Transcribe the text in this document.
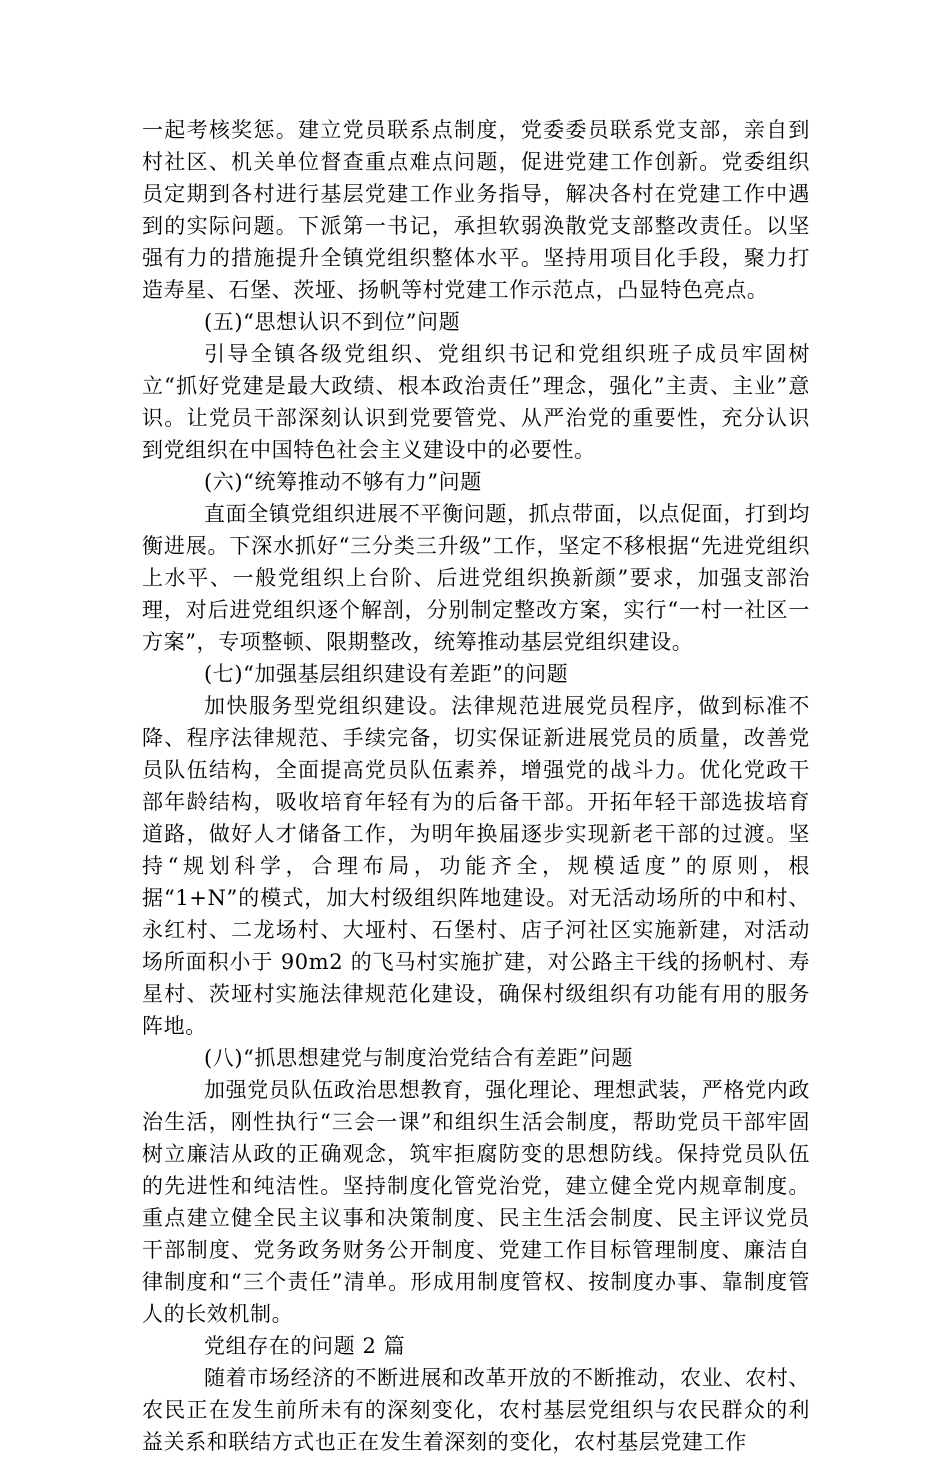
一起考核奖惩。建立党员联系点制度，党委委员联系党支部，亲自到村社区、机关单位督查重点难点问题，促进党建工作创新。党委组织员定期到各村进行基层党建工作业务指导，解决各村在党建工作中遇到的实际问题。下派第一书记，承担软弱涣散党支部整改责任。以坚强有力的措施提升全镇党组织整体水平。坚持用项目化手段，聚力打造寿星、石堡、茨垭、扬帆等村党建工作示范点，凸显特色亮点。

(五)“思想认识不到位”问题

引导全镇各级党组织、党组织书记和党组织班子成员牢固树立“抓好党建是最大政绩、根本政治责任”理念，强化”主责、主业”意识。让党员干部深刻认识到党要管党、从严治党的重要性，充分认识到党组织在中国特色社会主义建设中的必要性。

(六)“统筹推动不够有力”问题

直面全镇党组织进展不平衡问题，抓点带面，以点促面，打到均衡进展。下深水抓好“三分类三升级”工作，坚定不移根据“先进党组织上水平、一般党组织上台阶、后进党组织换新颜”要求，加强支部治理，对后进党组织逐个解剖，分别制定整改方案，实行“一村一社区一方案”，专项整顿、限期整改，统筹推动基层党组织建设。

(七)“加强基层组织建设有差距”的问题

加快服务型党组织建设。法律规范进展党员程序，做到标准不降、程序法律规范、手续完备，切实保证新进展党员的质量，改善党员队伍结构，全面提高党员队伍素养，增强党的战斗力。优化党政干部年龄结构，吸收培育年轻有为的后备干部。开拓年轻干部选拔培育道路，做好人才储备工作，为明年换届逐步实现新老干部的过渡。坚持“规划科学，合理布局，功能齐全，规模适度”的原则，根据“1+N”的模式，加大村级组织阵地建设。对无活动场所的中和村、永红村、二龙场村、大垭村、石堡村、店子河社区实施新建，对活动场所面积小于 90m2 的飞马村实施扩建，对公路主干线的扬帆村、寿星村、茨垭村实施法律规范化建设，确保村级组织有功能有用的服务阵地。

(八)“抓思想建党与制度治党结合有差距”问题

加强党员队伍政治思想教育，强化理论、理想武装，严格党内政治生活，刚性执行“三会一课”和组织生活会制度，帮助党员干部牢固树立廉洁从政的正确观念，筑牢拒腐防变的思想防线。保持党员队伍的先进性和纯洁性。坚持制度化管党治党，建立健全党内规章制度。重点建立健全民主议事和决策制度、民主生活会制度、民主评议党员干部制度、党务政务财务公开制度、党建工作目标管理制度、廉洁自律制度和“三个责任”清单。形成用制度管权、按制度办事、靠制度管人的长效机制。

党组存在的问题 2 篇

随着市场经济的不断进展和改革开放的不断推动，农业、农村、农民正在发生前所未有的深刻变化，农村基层党组织与农民群众的利益关系和联结方式也正在发生着深刻的变化，农村基层党建工作
